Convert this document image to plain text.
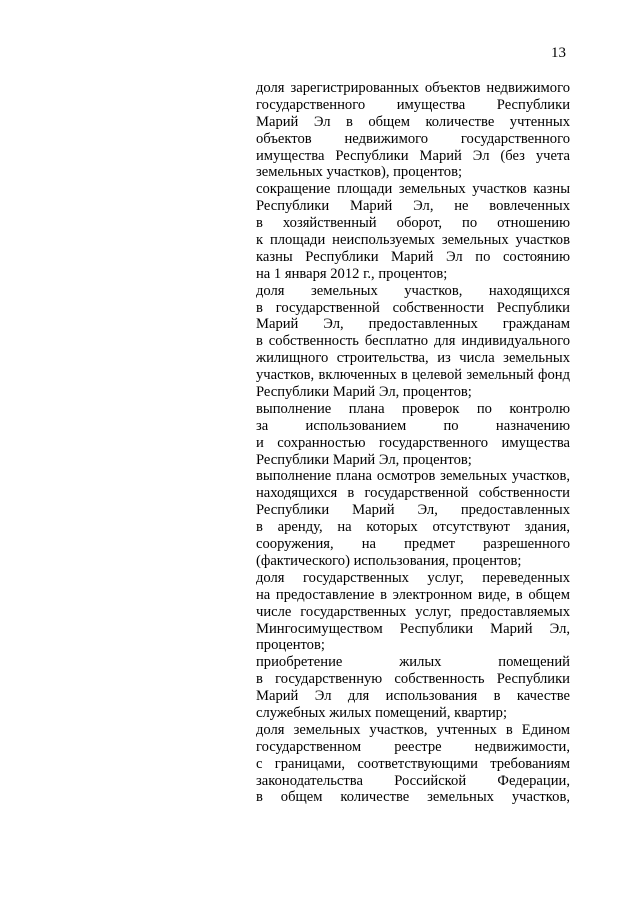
13
доля зарегистрированных объектов недвижимого
государственного имущества Республики
Марий Эл в общем количестве учтенных
объектов недвижимого государственного
имущества Республики Марий Эл (без учета
земельных участков), процентов;
сокращение площади земельных участков казны
Республики Марий Эл, не вовлеченных
в хозяйственный оборот, по отношению
к площади неиспользуемых земельных участков
казны Республики Марий Эл по состоянию
на 1 января 2012 г., процентов;
доля земельных участков, находящихся
в государственной собственности Республики
Марий Эл, предоставленных гражданам
в собственность бесплатно для индивидуального
жилищного строительства, из числа земельных
участков, включенных в целевой земельный фонд
Республики Марий Эл, процентов;
выполнение плана проверок по контролю
за использованием по назначению
и сохранностью государственного имущества
Республики Марий Эл, процентов;
выполнение плана осмотров земельных участков,
находящихся в государственной собственности
Республики Марий Эл, предоставленных
в аренду, на которых отсутствуют здания,
сооружения, на предмет разрешенного
(фактического) использования, процентов;
доля государственных услуг, переведенных
на предоставление в электронном виде, в общем
числе государственных услуг, предоставляемых
Мингосимуществом Республики Марий Эл,
процентов;
приобретение жилых помещений
в государственную собственность Республики
Марий Эл для использования в качестве
служебных жилых помещений, квартир;
доля земельных участков, учтенных в Едином
государственном реестре недвижимости,
с границами, соответствующими требованиям
законодательства Российской Федерации,
в общем количестве земельных участков,
